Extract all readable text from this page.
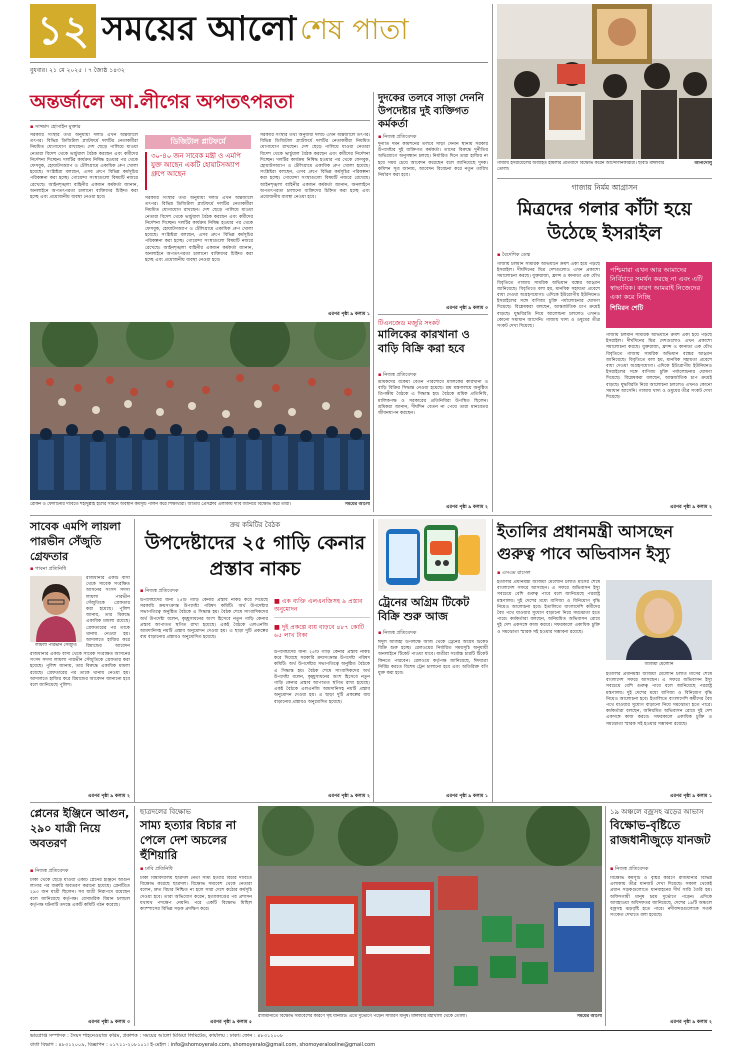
১২ সময়ের আলো শেষ পাতা
বুধবার। ২১ মে ২০২৫ । ৭ জ্যৈষ্ঠ ১৪৩২
অন্তর্জালে আ.লীগের অপতৎপরতা
▪ সাজ্জাদ হোসাইন মুক্তার
সরকারি সংস্থার তথ্য অনুযায়ী দলটি এখন অন্তর্জালে তৎপর। বিভিন্ন ডিজিটাল প্ল্যাটফর্মে দলটির নেতাকর্মীরা নিয়মিত যোগাযোগ রাখছেন। দেশ ছেড়ে পালিয়ে যাওয়া নেতারা বিদেশ থেকে ভার্চুয়াল বৈঠক করছেন এবং কর্মীদের নির্দেশনা দিচ্ছেন। দলটির কার্যক্রম নিষিদ্ধ হওয়ার পর থেকে ফেসবুক, হোয়াটসঅ্যাপ ও টেলিগ্রামে একাধিক গ্রুপ খোলা হয়েছে। সংশ্লিষ্টরা বলছেন, এসব গ্রুপে বিভিন্ন কর্মসূচির পরিকল্পনা করা হচ্ছে। গোয়েন্দা সংস্থাগুলো বিষয়টি নজরে রেখেছে। আইনশৃঙ্খলা বাহিনীর একজন কর্মকর্তা জানান, অনলাইনে অপতৎপরতা চালানো ব্যক্তিদের চিহ্নিত করা হচ্ছে এবং প্রয়োজনীয় ব্যবস্থা নেওয়া হবে।
ডিজিটাল প্লাটফর্মে
৩০-৪০ জন সাবেক মন্ত্রী ও এমপি যুক্ত আছেন একটি হোয়াটসঅ্যাপ গ্রুপে আছেন
সরকারি সংস্থার তথ্য অনুযায়ী দলটি এখন অন্তর্জালে তৎপর। বিভিন্ন ডিজিটাল প্ল্যাটফর্মে দলটির নেতাকর্মীরা নিয়মিত যোগাযোগ রাখছেন। দেশ ছেড়ে পালিয়ে যাওয়া নেতারা বিদেশ থেকে ভার্চুয়াল বৈঠক করছেন এবং কর্মীদের নির্দেশনা দিচ্ছেন। দলটির কার্যক্রম নিষিদ্ধ হওয়ার পর থেকে ফেসবুক, হোয়াটসঅ্যাপ ও টেলিগ্রামে একাধিক গ্রুপ খোলা হয়েছে। সংশ্লিষ্টরা বলছেন, এসব গ্রুপে বিভিন্ন কর্মসূচির পরিকল্পনা করা হচ্ছে। গোয়েন্দা সংস্থাগুলো বিষয়টি নজরে রেখেছে। আইনশৃঙ্খলা বাহিনীর একজন কর্মকর্তা জানান, অনলাইনে অপতৎপরতা চালানো ব্যক্তিদের চিহ্নিত করা হচ্ছে এবং প্রয়োজনীয় ব্যবস্থা নেওয়া হবে।
সরকারি সংস্থার তথ্য অনুযায়ী দলটি এখন অন্তর্জালে তৎপর। বিভিন্ন ডিজিটাল প্ল্যাটফর্মে দলটির নেতাকর্মীরা নিয়মিত যোগাযোগ রাখছেন। দেশ ছেড়ে পালিয়ে যাওয়া নেতারা বিদেশ থেকে ভার্চুয়াল বৈঠক করছেন এবং কর্মীদের নির্দেশনা দিচ্ছেন। দলটির কার্যক্রম নিষিদ্ধ হওয়ার পর থেকে ফেসবুক, হোয়াটসঅ্যাপ ও টেলিগ্রামে একাধিক গ্রুপ খোলা হয়েছে। সংশ্লিষ্টরা বলছেন, এসব গ্রুপে বিভিন্ন কর্মসূচির পরিকল্পনা করা হচ্ছে। গোয়েন্দা সংস্থাগুলো বিষয়টি নজরে রেখেছে। আইনশৃঙ্খলা বাহিনীর একজন কর্মকর্তা জানান, অনলাইনে অপতৎপরতা চালানো ব্যক্তিদের চিহ্নিত করা হচ্ছে এবং প্রয়োজনীয় ব্যবস্থা নেওয়া হবে।
এরপর পৃষ্ঠা ৯ কলাম ১
রোকন ও ফেলানোর দাবিতে শহীদুল্লাহ হলের সামনে অবস্থান কর্মসূচি পালন করে শিক্ষার্থীরা। জাতীয় প্রেসক্লাব এলাকায় দাবি জানিয়ে বিক্ষোভ করে তারা।	সময়ের আলো
দুদকের তলবে সাড়া দেননি উপদেষ্টার দুই ব্যক্তিগত কর্মকর্তা
▪ নিজস্ব প্রতিবেদক
দুর্নীতি দমন কমিশনের তলবে সাড়া দেননি স্থানীয় সরকার উপদেষ্টার দুই ব্যক্তিগত কর্মকর্তা। তাদের বিরুদ্ধে দুর্নীতির অভিযোগে অনুসন্ধান চলছে। নির্ধারিত দিনে তারা হাজির না হয়ে সময় চেয়ে আবেদন করেছেন বলে জানিয়েছে দুদক। কমিশন সূত্র জানায়, আবেদন বিবেচনা করে নতুন তারিখ নির্ধারণ করা হবে।
এরপর পৃষ্ঠা ৯ কলাম ৩
টিএনজেড মজুরি সংকট
মালিকের কারখানা ও বাড়ি বিক্রি করা হবে
▪ নিজস্ব প্রতিবেদক
শ্রমিকদের বকেয়া বেতন পরিশোধে মালিকের কারখানা ও বাড়ি বিক্রির সিদ্ধান্ত নেওয়া হয়েছে। শ্রম মন্ত্রণালয়ে অনুষ্ঠিত ত্রিপক্ষীয় বৈঠকে এ সিদ্ধান্ত হয়। বৈঠকে শ্রমিক প্রতিনিধি, মালিকপক্ষ ও সরকারের প্রতিনিধিরা উপস্থিত ছিলেন। শ্রমিকরা জানান, দীর্ঘদিন বেতন না পেয়ে তারা মানবেতর জীবনযাপন করছেন।
এরপর পৃষ্ঠা ৯ কলাম ২
গাজায় ইসরায়েলের অব্যাহত হামলার প্রতিবাদে বিক্ষোভ করেন আন্দোলনকারীরা। ছবিটি মঙ্গলবার তোলা।
আনাদোলু
গাজায় নির্মম আগ্রাসন
মিত্রদের গলার কাঁটা হয়ে উঠেছে ইসরাইল
▪ বৈদেশিক ডেস্ক
গাজায় চলমান সামরিক অভিযানে ক্রমশ একা হয়ে পড়ছে ইসরাইল। দীর্ঘদিনের মিত্র দেশগুলোও এখন প্রকাশ্যে সমালোচনা করছে। যুক্তরাজ্য, ফ্রান্স ও কানাডা এক যৌথ বিবৃতিতে গাজায় সামরিক অভিযান বন্ধের আহ্বান জানিয়েছে। বিবৃতিতে বলা হয়, মানবিক সহায়তা প্রবেশে বাধা দেওয়া অগ্রহণযোগ্য। এদিকে ইউরোপীয় ইউনিয়নও ইসরাইলের সঙ্গে বাণিজ্য চুক্তি পর্যালোচনার ঘোষণা দিয়েছে। বিশ্লেষকরা বলছেন, আন্তর্জাতিক চাপ ক্রমেই বাড়ছে। যুদ্ধবিরতি নিয়ে আলোচনা চললেও এখনও কোনো সমাধান আসেনি। গাজায় খাদ্য ও ওষুধের তীব্র সংকট দেখা দিয়েছে।
পশ্চিমারা এখন আর আমাদের নির্বিচারে সমর্থন করছে না এবং এটি স্বাভাবিক। কারণ আমরাই নিজেদের একা করে নিচ্ছি
শিমিরন শেটি
গাজায় চলমান সামরিক অভিযানে ক্রমশ একা হয়ে পড়ছে ইসরাইল। দীর্ঘদিনের মিত্র দেশগুলোও এখন প্রকাশ্যে সমালোচনা করছে। যুক্তরাজ্য, ফ্রান্স ও কানাডা এক যৌথ বিবৃতিতে গাজায় সামরিক অভিযান বন্ধের আহ্বান জানিয়েছে। বিবৃতিতে বলা হয়, মানবিক সহায়তা প্রবেশে বাধা দেওয়া অগ্রহণযোগ্য। এদিকে ইউরোপীয় ইউনিয়নও ইসরাইলের সঙ্গে বাণিজ্য চুক্তি পর্যালোচনার ঘোষণা দিয়েছে। বিশ্লেষকরা বলছেন, আন্তর্জাতিক চাপ ক্রমেই বাড়ছে। যুদ্ধবিরতি নিয়ে আলোচনা চললেও এখনও কোনো সমাধান আসেনি। গাজায় খাদ্য ও ওষুধের তীব্র সংকট দেখা দিয়েছে।
এরপর পৃষ্ঠা ৯ কলাম ২
সাবেক এমপি লায়লা পারভীন সেঁজুতি গ্রেফতার
▪ পাবনা প্রতিনিধি
লায়লা পারভীন সেঁজুতি
রাজধানীর একটি বাসা থেকে সাবেক সংরক্ষিত আসনের সংসদ সদস্য লায়লা পারভীন সেঁজুতিকে গ্রেফতার করা হয়েছে। পুলিশ জানায়, তার বিরুদ্ধে একাধিক মামলা রয়েছে। গ্রেফতারের পর তাকে থানায় নেওয়া হয়। আদালতে হাজির করে রিমান্ডের আবেদন
রাজধানীর একটি বাসা থেকে সাবেক সংরক্ষিত আসনের সংসদ সদস্য লায়লা পারভীন সেঁজুতিকে গ্রেফতার করা হয়েছে। পুলিশ জানায়, তার বিরুদ্ধে একাধিক মামলা রয়েছে। গ্রেফতারের পর তাকে থানায় নেওয়া হয়। আদালতে হাজির করে রিমান্ডের আবেদন জানানো হবে বলে জানিয়েছে পুলিশ।
এরপর পৃষ্ঠা ৯ কলাম ২
ক্রয় কমিটির বৈঠক
উপদেষ্টাদের ২৫ গাড়ি কেনার প্রস্তাব নাকচ
▪ নিজস্ব প্রতিবেদক
উপদেষ্টাদের জন্য ২৫টি গাড়ি কেনার প্রস্তাব নাকচ করে দিয়েছে সরকারি ক্রয়সংক্রান্ত উপদেষ্টা পরিষদ কমিটি। অর্থ উপদেষ্টার সভাপতিত্বে অনুষ্ঠিত বৈঠকে এ সিদ্ধান্ত হয়। বৈঠক শেষে সাংবাদিকদের অর্থ উপদেষ্টা বলেন, কৃচ্ছ্রসাধনের অংশ হিসেবে নতুন গাড়ি কেনার প্রস্তাব আপাতত স্থগিত রাখা হয়েছে। একই বৈঠকে এলএনজি আমদানিসহ নয়টি প্রস্তাব অনুমোদন দেওয়া হয়। এ ছাড়া দুটি প্রকল্পের ব্যয় বাড়ানোর প্রস্তাবও অনুমোদিত হয়েছে।
■ এক ব্যক্তি এলএনজিসহ ৯ প্রস্তাব অনুমোদন
■ দুই প্রকল্পে ব্যয় বাড়বে ৪৮৭ কোটি ৬৫ লাখ টাকা
উপদেষ্টাদের জন্য ২৫টি গাড়ি কেনার প্রস্তাব নাকচ করে দিয়েছে সরকারি ক্রয়সংক্রান্ত উপদেষ্টা পরিষদ কমিটি। অর্থ উপদেষ্টার সভাপতিত্বে অনুষ্ঠিত বৈঠকে এ সিদ্ধান্ত হয়। বৈঠক শেষে সাংবাদিকদের অর্থ উপদেষ্টা বলেন, কৃচ্ছ্রসাধনের অংশ হিসেবে নতুন গাড়ি কেনার প্রস্তাব আপাতত স্থগিত রাখা হয়েছে। একই বৈঠকে এলএনজি আমদানিসহ নয়টি প্রস্তাব অনুমোদন দেওয়া হয়। এ ছাড়া দুটি প্রকল্পের ব্যয় বাড়ানোর প্রস্তাবও অনুমোদিত হয়েছে।
এরপর পৃষ্ঠা ৯ কলাম ২
ট্রেনের অগ্রিম টিকেট বিক্রি শুরু আজ
▪ নিজস্ব প্রতিবেদক
ঈদুল আজহা উপলক্ষে আজ থেকে ট্রেনের অগ্রিম টিকেট বিক্রি শুরু হচ্ছে। রেলওয়ের নির্ধারিত সময়সূচি অনুযায়ী অনলাইনে টিকেট পাওয়া যাবে। যাত্রীরা সর্বোচ্চ চারটি টিকেট কিনতে পারবেন। রেলওয়ে কর্তৃপক্ষ জানিয়েছে, ঈদযাত্রা নির্বিঘ্ন করতে বিশেষ ট্রেন চালানো হবে এবং অতিরিক্ত বগি যুক্ত করা হবে।
এরপর পৃষ্ঠা ৯ কলাম ১
ইতালির প্রধানমন্ত্রী আসছেন গুরুত্ব পাবে অভিবাসন ইস্যু
▪ এসএম রাসেল
ইতালির প্রধানমন্ত্রী জর্জিয়া মেলোনি চলতি মাসের শেষে বাংলাদেশ সফরে আসছেন। এ সফরে অভিবাসন ইস্যু সবচেয়ে বেশি গুরুত্ব পাবে বলে জানিয়েছে পররাষ্ট্র মন্ত্রণালয়। দুই দেশের মধ্যে বাণিজ্য ও বিনিয়োগ বৃদ্ধি নিয়েও আলোচনা হবে। ইতালিতে বাংলাদেশি কর্মীদের বৈধ পথে যাওয়ার সুযোগ বাড়ানো নিয়ে সমঝোতা হতে পারে। কর্মকর্তারা বলছেন, অনিয়মিত অভিবাসন রোধে দুই দেশ একসঙ্গে কাজ করবে। সফরকালে একাধিক চুক্তি ও সমঝোতা স্মারক সই হওয়ার সম্ভাবনা রয়েছে।
জর্জিয়া মেলোনি
ইতালির প্রধানমন্ত্রী জর্জিয়া মেলোনি চলতি মাসের শেষে বাংলাদেশ সফরে আসছেন। এ সফরে অভিবাসন ইস্যু সবচেয়ে বেশি গুরুত্ব পাবে বলে জানিয়েছে পররাষ্ট্র মন্ত্রণালয়। দুই দেশের মধ্যে বাণিজ্য ও বিনিয়োগ বৃদ্ধি নিয়েও আলোচনা হবে। ইতালিতে বাংলাদেশি কর্মীদের বৈধ পথে যাওয়ার সুযোগ বাড়ানো নিয়ে সমঝোতা হতে পারে। কর্মকর্তারা বলছেন, অনিয়মিত অভিবাসন রোধে দুই দেশ একসঙ্গে কাজ করবে। সফরকালে একাধিক চুক্তি ও সমঝোতা স্মারক সই হওয়ার সম্ভাবনা রয়েছে।
এরপর পৃষ্ঠা ৯ কলাম ১
প্লেনের ইঞ্জিনে আগুন, ২৯০ যাত্রী নিয়ে অবতরণ
▪ নিজস্ব প্রতিবেদক
ঢাকা থেকে ছেড়ে যাওয়া একটি প্লেনের ইঞ্জিনে আগুন লাগার পর জরুরি অবতরণ করানো হয়েছে। প্লেনটিতে ২৯০ জন যাত্রী ছিলেন। সব যাত্রী নিরাপদে রয়েছেন বলে জানিয়েছে কর্তৃপক্ষ। বেসামরিক বিমান চলাচল কর্তৃপক্ষ ঘটনাটি তদন্তে একটি কমিটি গঠন করেছে।
এরপর পৃষ্ঠা ৯ কলাম ৩
ছাত্রদলের বিক্ষোভ
সাম্য হত্যার বিচার না পেলে দেশ অচলের হুঁশিয়ারি
▪ ঢাবি প্রতিনিধি
ঢাকা বিশ্ববিদ্যালয় ছাত্রদল নেতা সাম্য হত্যার বিচার দাবিতে বিক্ষোভ করেছে ছাত্রদল। বিক্ষোভ সমাবেশ থেকে নেতারা বলেন, দ্রুত বিচার নিশ্চিত না হলে সারা দেশে কঠোর কর্মসূচি দেওয়া হবে। তারা অভিযোগ করেন, হত্যাকাণ্ডের পর প্রশাসন যথাযথ পদক্ষেপ নেয়নি। পরে একটি বিক্ষোভ মিছিল ক্যাম্পাসের বিভিন্ন সড়ক প্রদক্ষিণ করে।
এরপর পৃষ্ঠা ৯ কলাম ৫
রাজধানীতে বিক্ষোভ সমাবেশের কারণে সৃষ্ট যানজট। এতে দুর্ভোগে পড়েন সাধারণ মানুষ। মঙ্গলবার মহাখালী থেকে তোলা।	সময়ের আলো
১৯ অঞ্চলে বজ্রসহ ঝড়ের আভাস
বিক্ষোভ-বৃষ্টিতে রাজধানীজুড়ে যানজট
▪ নিজস্ব প্রতিবেদক
বিক্ষোভ কর্মসূচি ও বৃষ্টির কারণে রাজধানীর বিভিন্ন এলাকায় তীব্র যানজট দেখা দিয়েছে। সকাল থেকেই প্রধান সড়কগুলোতে যানবাহনের দীর্ঘ সারি তৈরি হয়। অফিসগামী মানুষ চরম দুর্ভোগে পড়েন। এদিকে আবহাওয়া অধিদফতর জানিয়েছে, দেশের ১৯টি অঞ্চলে বজ্রসহ ঝড়বৃষ্টি হতে পারে। নদীবন্দরগুলোকে সতর্ক সংকেত দেখাতে বলা হয়েছে।
এরপর পৃষ্ঠা ৯ কলাম ২
ভারপ্রাপ্ত সম্পাদক : সৈয়দ শাহনেওয়াজ করিম, প্রকাশক : সময়ের আলো মিডিয়া লিমিটেড, কার্যালয় : ঢাকা। ফোন : ৪৮৩১২০০৮
বার্তা বিভাগ : ৪৮৩১২০০৯, বিজ্ঞাপন : ০১৭১১-২০৮১০১। ই-মেইল : info@shomoyeralo.com, shomoyeralo@gmail.com, shomoyeralooline@gmail.com
